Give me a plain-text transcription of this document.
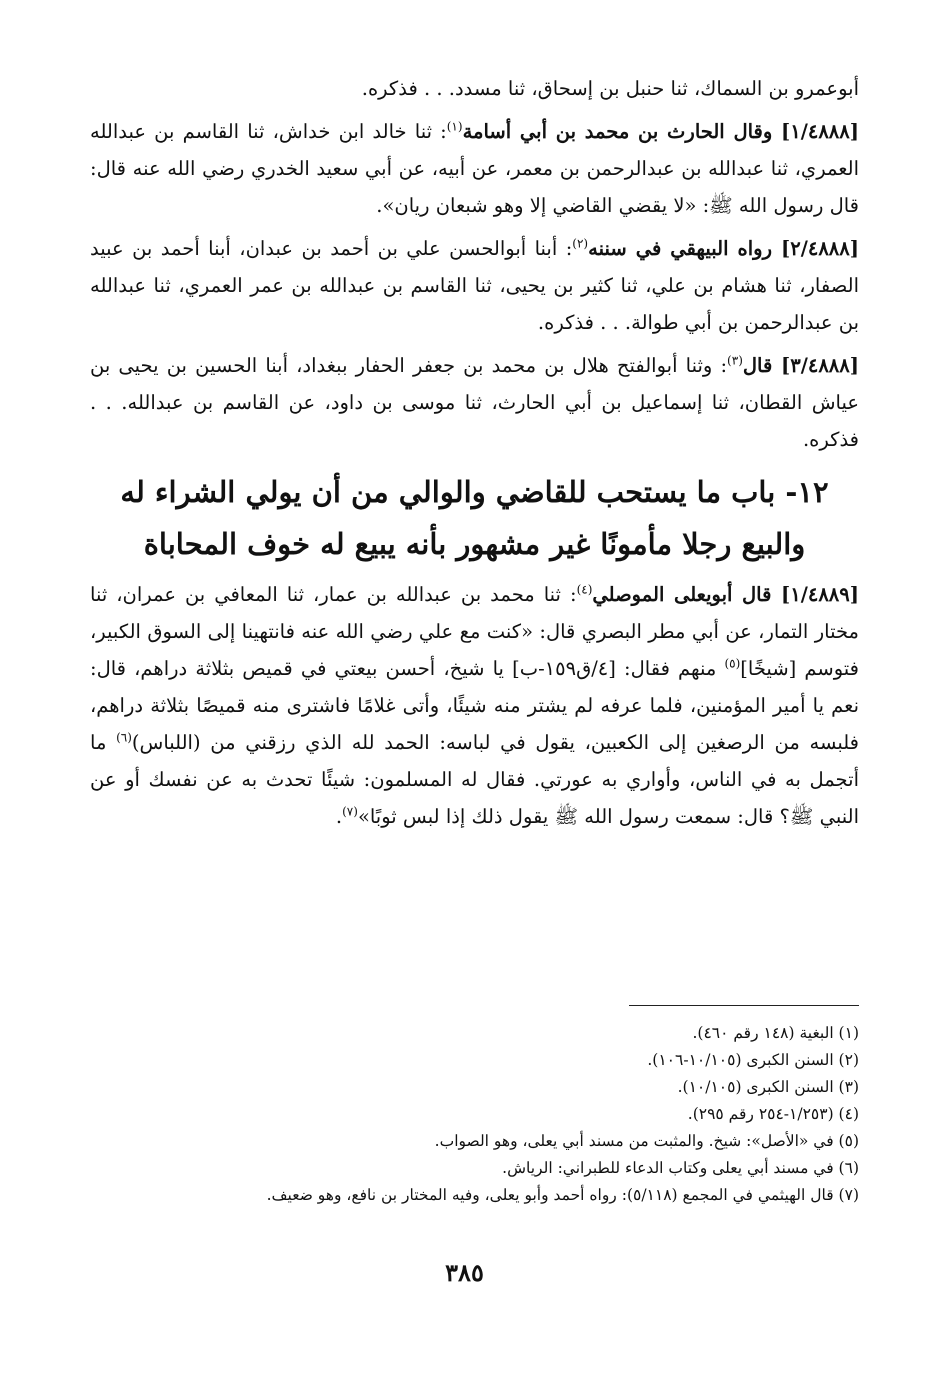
أبوعمرو بن السماك، ثنا حنبل بن إسحاق، ثنا مسدد. . . فذكره.

[١/٤٨٨٨] وقال الحارث بن محمد بن أبي أسامة$^{(١)}$: ثنا خالد ابن خداش، ثنا القاسم بن عبدالله العمري، ثنا عبدالله بن عبدالرحمن بن معمر، عن أبيه، عن أبي سعيد الخدري رضي الله عنه قال: قال رسول الله ﷺ: «لا يقضي القاضي إلا وهو شبعان ريان».

[٢/٤٨٨٨] رواه البيهقي في سننه$^{(٢)}$: أبنا أبوالحسن علي بن أحمد بن عبدان، أبنا أحمد بن عبيد الصفار، ثنا هشام بن علي، ثنا كثير بن يحيى، ثنا القاسم بن عبدالله بن عمر العمري، ثنا عبدالله بن عبدالرحمن بن أبي طوالة. . . فذكره.

[٣/٤٨٨٨] قال$^{(٣)}$: وثنا أبوالفتح هلال بن محمد بن جعفر الحفار ببغداد، أبنا الحسين بن يحيى بن عياش القطان، ثنا إسماعيل بن أبي الحارث، ثنا موسى بن داود، عن القاسم بن عبدالله. . . فذكره.

١٢- باب ما يستحب للقاضي والوالي من أن يولي الشراء له
والبيع رجلا مأمونًا غير مشهور بأنه يبيع له خوف المحاباة

[١/٤٨٨٩] قال أبويعلى الموصلي$^{(٤)}$: ثنا محمد بن عبدالله بن عمار، ثنا المعافي بن عمران، ثنا مختار التمار، عن أبي مطر البصري قال: «كنت مع علي رضي الله عنه فانتهينا إلى السوق الكبير، فتوسم [شيخًا]$^{(٥)}$ منهم فقال: [٤/ق١٥٩-ب] يا شيخ، أحسن بيعتي في قميص بثلاثة دراهم، قال: نعم يا أمير المؤمنين، فلما عرفه لم يشتر منه شيئًا، وأتى غلامًا فاشترى منه قميصًا بثلاثة دراهم، فلبسه من الرصغين إلى الكعبين، يقول في لباسه: الحمد لله الذي رزقني من (اللباس)$^{(٦)}$ ما أتجمل به في الناس، وأواري به عورتي. فقال له المسلمون: شيئًا تحدث به عن نفسك أو عن النبي ﷺ؟ قال: سمعت رسول الله ﷺ يقول ذلك إذا لبس ثوبًا»$^{(٧)}$.

(١) البغية (١٤٨ رقم ٤٦٠).
(٢) السنن الكبرى (١٠/١٠٥-١٠٦).
(٣) السنن الكبرى (١٠/١٠٥).
(٤) (١/٢٥٣-٢٥٤ رقم ٢٩٥).
(٥) في «الأصل»: شيخ. والمثبت من مسند أبي يعلى، وهو الصواب.
(٦) في مسند أبي يعلى وكتاب الدعاء للطبراني: الرياش.
(٧) قال الهيثمي في المجمع (٥/١١٨): رواه أحمد وأبو يعلى، وفيه المختار بن نافع، وهو ضعيف.
٣٨٥
